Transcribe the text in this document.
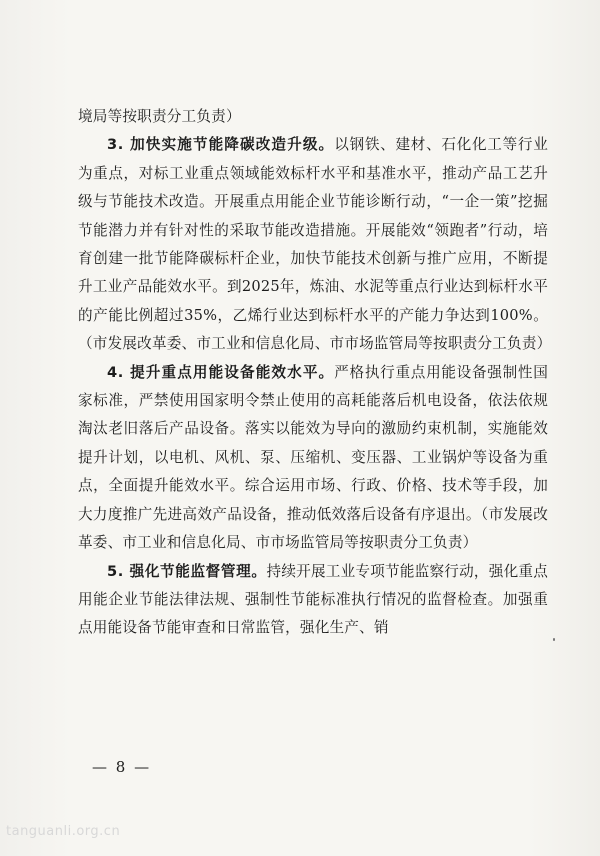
境局等按职责分工负责）

3. 加快实施节能降碳改造升级。以钢铁、建材、石化化工等行业为重点，对标工业重点领域能效标杆水平和基准水平，推动产品工艺升级与节能技术改造。开展重点用能企业节能诊断行动，“一企一策”挖掘节能潜力并有针对性的采取节能改造措施。开展能效“领跑者”行动，培育创建一批节能降碳标杆企业，加快节能技术创新与推广应用，不断提升工业产品能效水平。到2025年，炼油、水泥等重点行业达到标杆水平的产能比例超过35%，乙烯行业达到标杆水平的产能力争达到100%。（市发展改革委、市工业和信息化局、市市场监管局等按职责分工负责）

4. 提升重点用能设备能效水平。严格执行重点用能设备强制性国家标准，严禁使用国家明令禁止使用的高耗能落后机电设备，依法依规淘汰老旧落后产品设备。落实以能效为导向的激励约束机制，实施能效提升计划，以电机、风机、泵、压缩机、变压器、工业锅炉等设备为重点，全面提升能效水平。综合运用市场、行政、价格、技术等手段，加大力度推广先进高效产品设备，推动低效落后设备有序退出。（市发展改革委、市工业和信息化局、市市场监管局等按职责分工负责）

5. 强化节能监督管理。持续开展工业专项节能监察行动，强化重点用能企业节能法律法规、强制性节能标准执行情况的监督检查。加强重点用能设备节能审查和日常监管，强化生产、销

— 8 —
tanguanli.org.cn
